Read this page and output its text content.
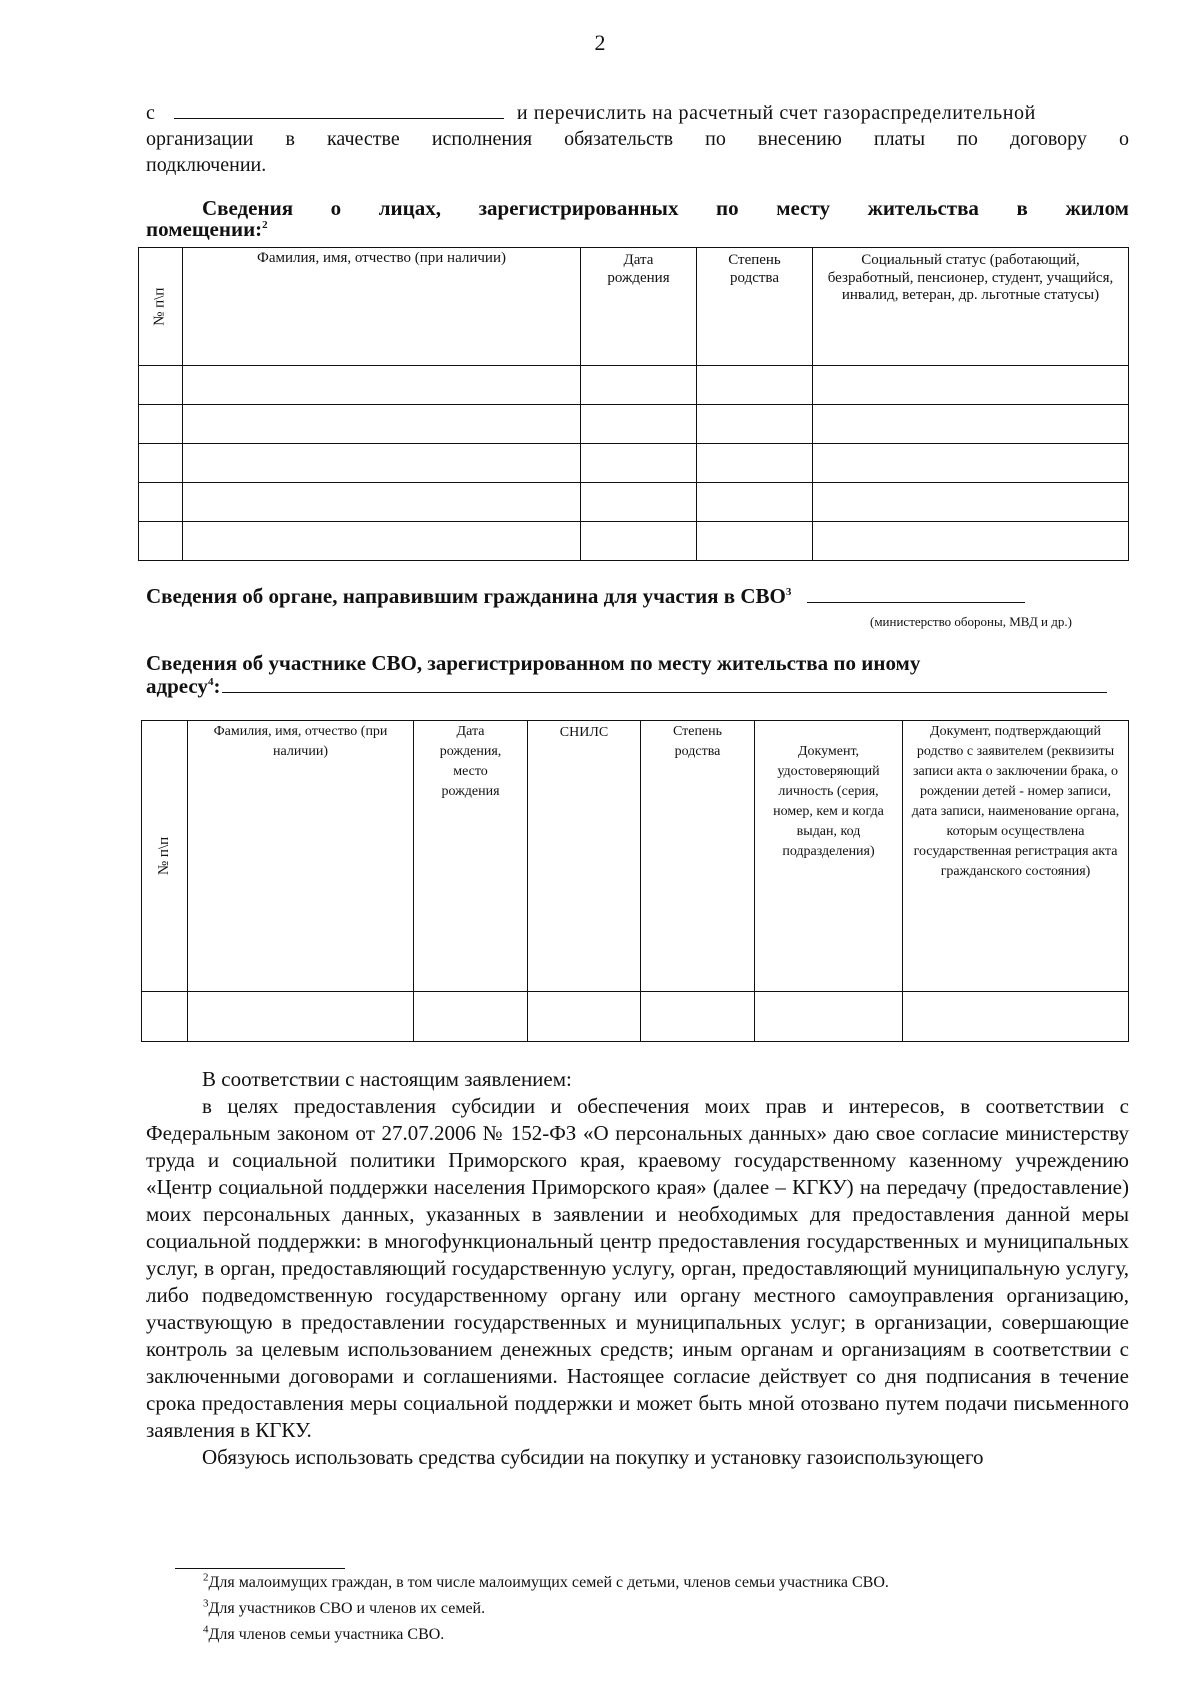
2

с	и перечислить на расчетный счет газораспределительной

организации в качестве исполнения обязательств по внесению платы по договору о

подключении.

Сведения о лицах, зарегистрированных по месту жительства в жилом
помещении:$^2$
№ п\п	Фамилия, имя, отчество (при наличии)	Дата рождения	Степень родства	Социальный статус (работающий, безработный, пенсионер, студент, учащийся, инвалид, ветеран, др. льготные статусы)

Сведения об органе, направившим гражданина для участия в СВО$^3$
(министерство обороны, МВД и др.)
Сведения об участнике СВО, зарегистрированном по месту жительства по иному
адресу$^4$:
№ п\п	Фамилия, имя, отчество (при наличии)	Дата рождения, место рождения	СНИЛС	Степень родства	Документ, удостоверяющий личность (серия, номер, кем и когда выдан, код подразделения)	Документ, подтверждающий родство с заявителем (реквизиты записи акта о заключении брака, о рождении детей - номер записи, дата записи, наименование органа, которым осуществлена государственная регистрация акта гражданского состояния)

В соответствии с настоящим заявлением:

в целях предоставления субсидии и обеспечения моих прав и интересов, в соответствии с Федеральным законом от 27.07.2006 № 152-ФЗ «О персональных данных» даю свое согласие министерству труда и социальной политики Приморского края, краевому государственному казенному учреждению «Центр социальной поддержки населения Приморского края» (далее – КГКУ) на передачу (предоставление) моих персональных данных, указанных в заявлении и необходимых для предоставления данной меры социальной поддержки: в многофункциональный центр предоставления государственных и муниципальных услуг, в орган, предоставляющий государственную услугу, орган, предоставляющий муниципальную услугу, либо подведомственную государственному органу или органу местного самоуправления организацию, участвующую в предоставлении государственных и муниципальных услуг; в организации, совершающие контроль за целевым использованием денежных средств; иным органам и организациям в соответствии с заключенными договорами и соглашениями. Настоящее согласие действует со дня подписания в течение срока предоставления меры социальной поддержки и может быть мной отозвано путем подачи письменного заявления в КГКУ.

Обязуюсь использовать средства субсидии на покупку и установку газоиспользующего

$^2$Для малоимущих граждан, в том числе малоимущих семей с детьми, членов семьи участника СВО.
$^3$Для участников СВО и членов их семей.
$^4$Для членов семьи участника СВО.
